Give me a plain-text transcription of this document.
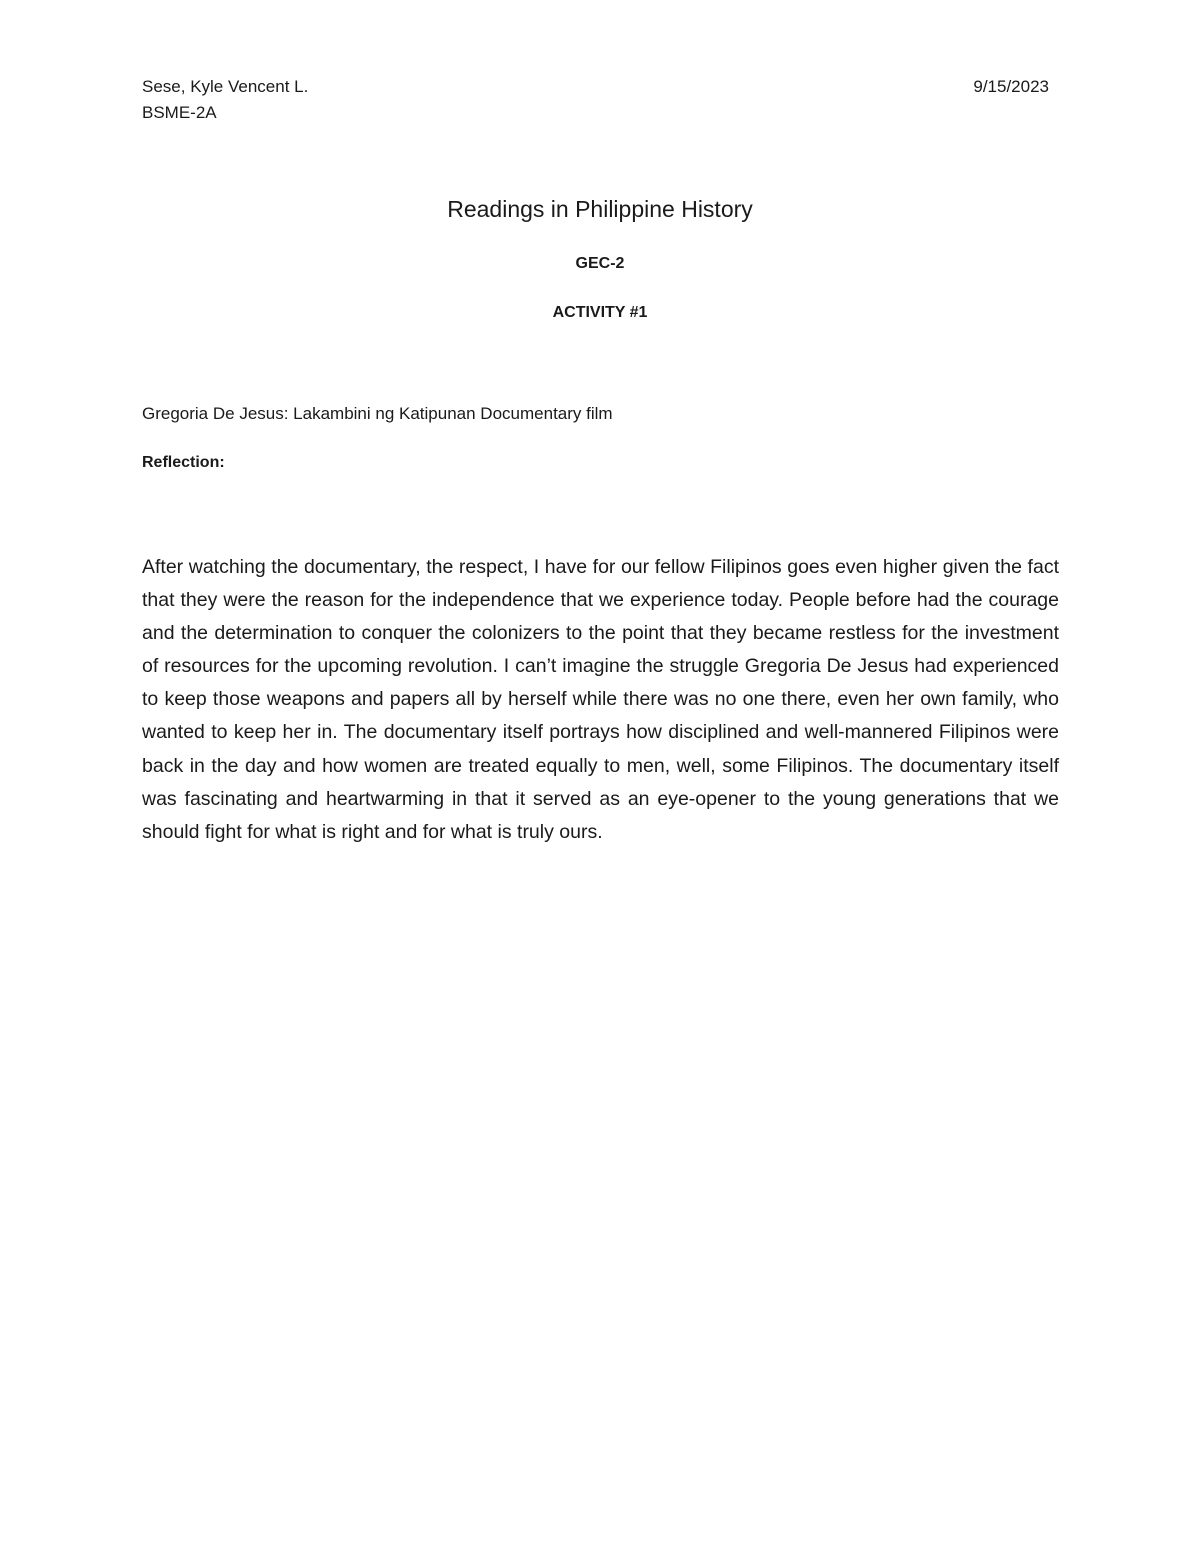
Sese, Kyle Vencent L.
BSME-2A
9/15/2023
Readings in Philippine History
GEC-2
ACTIVITY #1
Gregoria De Jesus: Lakambini ng Katipunan Documentary film
Reflection:

After watching the documentary, the respect, I have for our fellow Filipinos goes even higher given the fact that they were the reason for the independence that we experience today. People before had the courage and the determination to conquer the colonizers to the point that they became restless for the investment of resources for the upcoming revolution. I can’t imagine the struggle Gregoria De Jesus had experienced to keep those weapons and papers all by herself while there was no one there, even her own family, who wanted to keep her in. The documentary itself portrays how disciplined and well-mannered Filipinos were back in the day and how women are treated equally to men, well, some Filipinos. The documentary itself was fascinating and heartwarming in that it served as an eye-opener to the young generations that we should fight for what is right and for what is truly ours.
